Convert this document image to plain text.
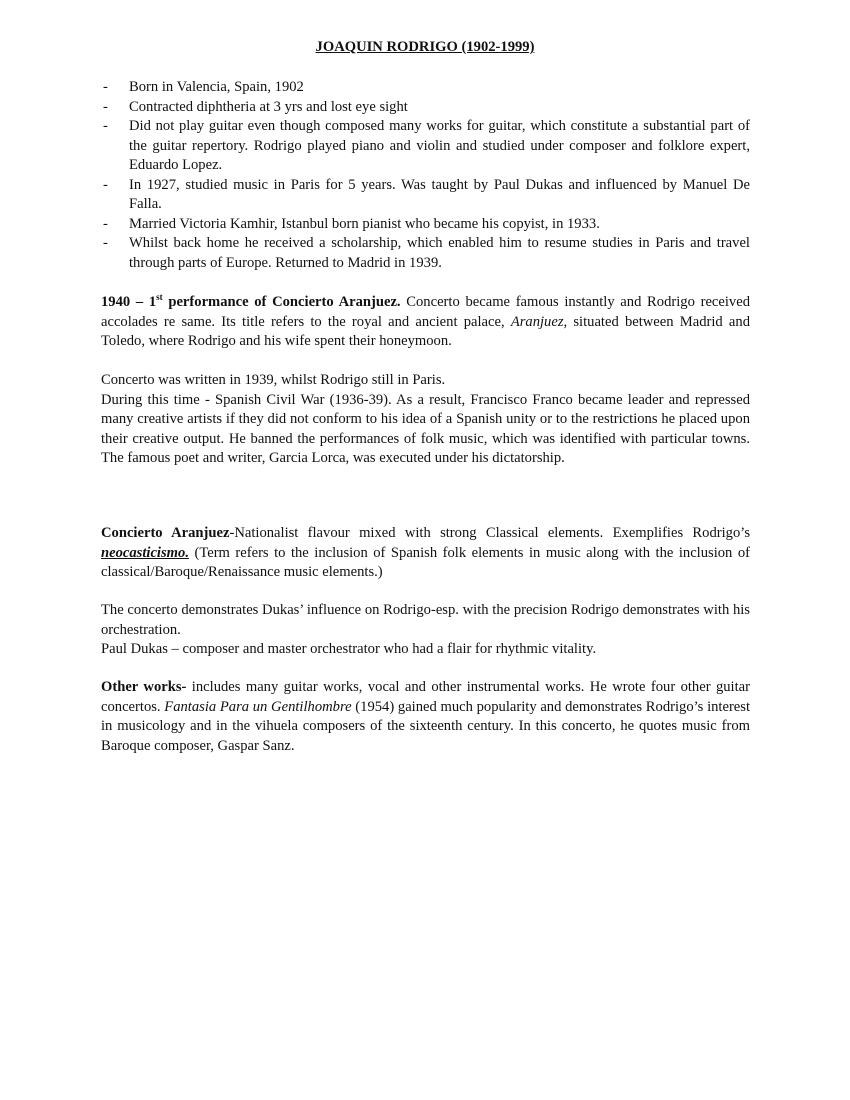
JOAQUIN RODRIGO (1902-1999)
- Born in Valencia, Spain, 1902
- Contracted diphtheria at 3 yrs and lost eye sight
- Did not play guitar even though composed many works for guitar, which constitute a substantial part of the guitar repertory. Rodrigo played piano and violin and studied under composer and folklore expert, Eduardo Lopez.
- In 1927, studied music in Paris for 5 years. Was taught by Paul Dukas and influenced by Manuel De Falla.
- Married Victoria Kamhir, Istanbul born pianist who became his copyist, in 1933.
- Whilst back home he received a scholarship, which enabled him to resume studies in Paris and travel through parts of Europe. Returned to Madrid in 1939.

1940 – 1st performance of Concierto Aranjuez. Concerto became famous instantly and Rodrigo received accolades re same. Its title refers to the royal and ancient palace, Aranjuez, situated between Madrid and Toledo, where Rodrigo and his wife spent their honeymoon.

Concerto was written in 1939, whilst Rodrigo still in Paris.
During this time - Spanish Civil War (1936-39). As a result, Francisco Franco became leader and repressed many creative artists if they did not conform to his idea of a Spanish unity or to the restrictions he placed upon their creative output. He banned the performances of folk music, which was identified with particular towns. The famous poet and writer, Garcia Lorca, was executed under his dictatorship.

Concierto Aranjuez-Nationalist flavour mixed with strong Classical elements. Exemplifies Rodrigo’s neocasticismo. (Term refers to the inclusion of Spanish folk elements in music along with the inclusion of classical/Baroque/Renaissance music elements.)

The concerto demonstrates Dukas’ influence on Rodrigo-esp. with the precision Rodrigo demonstrates with his orchestration.
Paul Dukas – composer and master orchestrator who had a flair for rhythmic vitality.

Other works- includes many guitar works, vocal and other instrumental works. He wrote four other guitar concertos. Fantasia Para un Gentilhombre (1954) gained much popularity and demonstrates Rodrigo’s interest in musicology and in the vihuela composers of the sixteenth century. In this concerto, he quotes music from Baroque composer, Gaspar Sanz.
